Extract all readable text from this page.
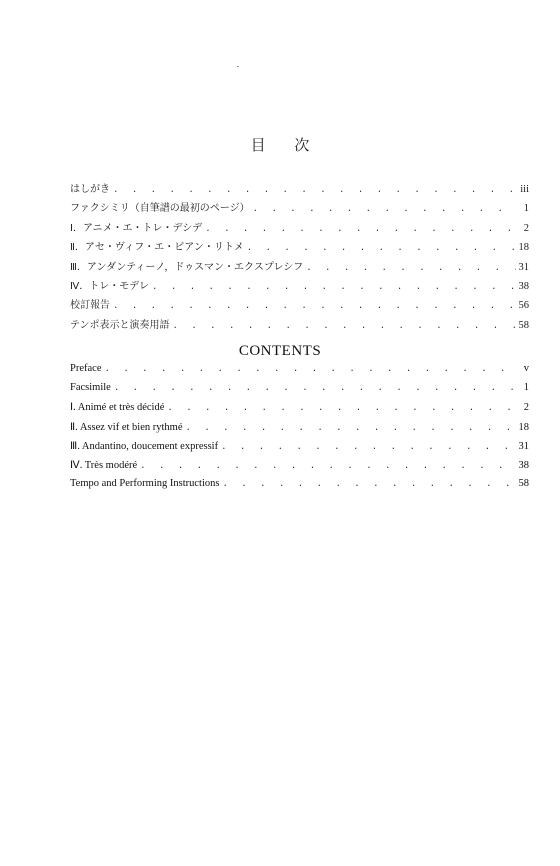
目 次
はしがき . . .	iii
ファクシミリ（自筆譜の最初のページ） . . .	1
Ⅰ．アニメ・エ・トレ・デシデ . . .	2
Ⅱ．アセ・ヴィフ・エ・ビアン・リトメ . . .	18
Ⅲ．アンダンティーノ，ドゥスマン・エクスプレシフ . . .	31
Ⅳ．トレ・モデレ . . .	38
校訂報告 . . .	56
テンポ表示と演奏用語 . . .	58
CONTENTS
Preface . . .	v
Facsimile . . .	1
Ⅰ. Animé et très décidé . . .	2
Ⅱ. Assez vif et bien rythmé . . .	18
Ⅲ. Andantino, doucement expressif . . .	31
Ⅳ. Très modéré . . .	38
Tempo and Performing Instructions . . .	58
